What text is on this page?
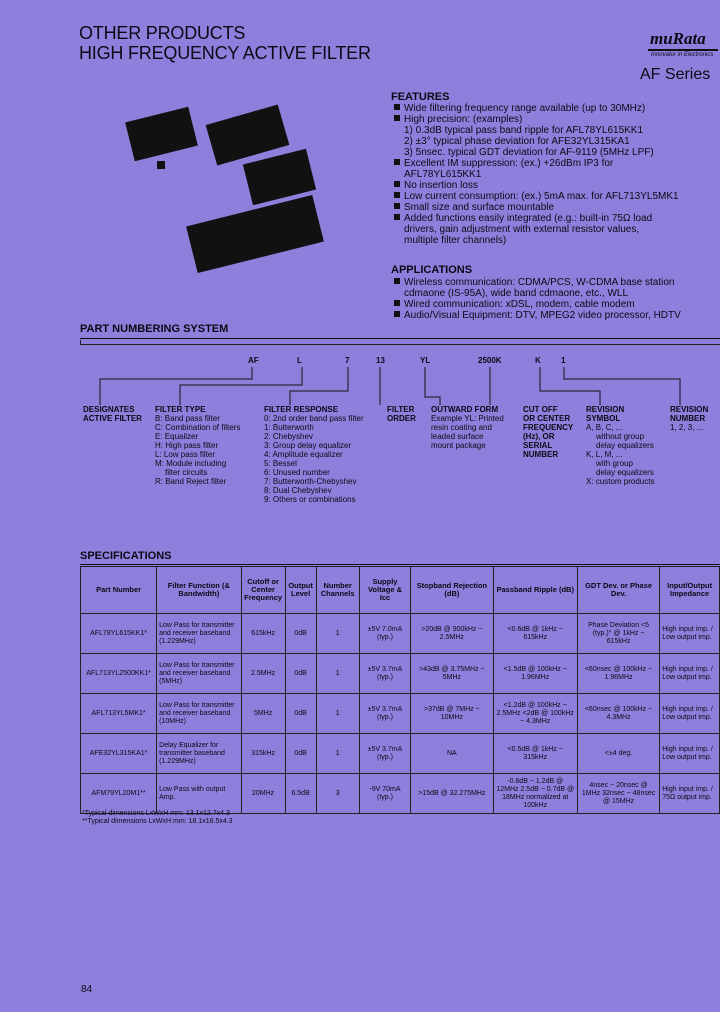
OTHER PRODUCTS
HIGH FREQUENCY ACTIVE FILTER
muRata
Innovator in Electronics
AF Series
FEATURES
Wide filtering frequency range available (up to 30MHz)
High precision: (examples)
1) 0.3dB typical pass band ripple for AFL78YL615KK1
2) ±3° typical phase deviation for AFE32YL315KA1
3) 5nsec. typical GDT deviation for AF-9119 (5MHz LPF)
Excellent IM suppression: (ex.) +26dBm IP3 for
AFL78YL615KK1
No insertion loss
Low current consumption: (ex.) 5mA max. for AFL713YL5MK1
Small size and surface mountable
Added functions easily integrated (e.g.: built-in 75Ω load
drivers, gain adjustment with external resistor values,
multiple filter channels)
APPLICATIONS
Wireless communication: CDMA/PCS, W-CDMA base station
cdmaone (IS-95A), wide band cdmaone, etc., WLL
Wired communication: xDSL, modem, cable modem
Audio/Visual Equipment: DTV, MPEG2 video processor, HDTV
PART NUMBERING SYSTEM
AF	L	7	13	YL	2500K	K	1
DESIGNATES
ACTIVE FILTER
FILTER TYPE
B: Band pass filter
C: Combination of filters
E: Equalizer
H: High pass filter
L: Low pass filter
M: Module including
filter circuits
R: Band Reject filter
FILTER RESPONSE
0: 2nd order band pass filter
1: Butterworth
2: Chebyshev
3: Group delay equalizer
4: Amplitude equalizer
5: Bessel
6: Unused number
7: Butterworth-Chebyshev
8: Dual Chebyshev
9: Others or combinations
FILTER
ORDER
OUTWARD FORM
Example YL: Printed
resin coating and
leaded surface
mount package
CUT OFF
OR CENTER
FREQUENCY
(Hz), OR
SERIAL
NUMBER
REVISION
SYMBOL
A, B, C, ...
without group
delay equalizers
K, L, M, ...
with group
delay equalizers
X: custom products
REVISION
NUMBER
1, 2, 3, ...
SPECIFICATIONS
Part Number	Filter Function (& Bandwidth)	Cutoff or Center Frequency	Output Level	Number Channels	Supply Voltage & Icc	Stopband Rejection (dB)	Passband Ripple (dB)	GDT Dev. or Phase Dev.	Input/Output Impedance
AFL78YL615KK1*	Low Pass for transmitter and receiver baseband (1.229MHz)	615kHz	0dB	1	±5V 7.0mA (typ.)	>20dB @ 900kHz ~ 2.5MHz	<0.6dB @ 1kHz ~ 615kHz	Phase Deviation <5 (typ.)° @ 1kHz ~ 615kHz	High input imp. / Low output imp.
AFL713YL2500KK1*	Low Pass for transmitter and receiver baseband (5MHz)	2.5MHz	0dB	1	±5V 3.7mA (typ.)	>43dB @ 3.75MHz ~ 5MHz	<1.5dB @ 100kHz ~ 1.96MHz	<60nsec @ 100kHz ~ 1.96MHz	High input imp. / Low output imp.
AFL713YL5MK1*	Low Pass for transmitter and receiver baseband (10MHz)	5MHz	0dB	1	±5V 3.7mA (typ.)	>37dB @ 7MHz ~ 10MHz	<1.2dB @ 100kHz ~ 2.5MHz <2dB @ 100kHz ~ 4.3MHz	<60nsec @ 100kHz ~ 4.3MHz	High input imp. / Low output imp.
AFE32YL315KA1*	Delay Equalizer for transmitter baseband (1.229MHz)	315kHz	0dB	1	±5V 3.7mA (typ.)	NA	<0.5dB @ 1kHz ~ 315kHz	<±4 deg.	High input imp. / Low output imp.
AFM79YL20M1**	Low Pass with output Amp.	20MHz	6.5dB	3	-9V 70mA (typ.)	>15dB @ 32.275MHz	-0.8dB ~ 1.2dB @ 12MHz 2.5dB ~ 0.7dB @ 18MHz normalized at 100kHz	4nsec ~ 20nsec @ 1MHz 32nsec ~ 48nsec @ 15MHz	High input imp. / 75Ω output imp.
*Typical dimensions LxWxH mm: 13.1x12.7x4.3
**Typical dimensions LxWxH mm: 18.1x16.5x4.3
84
